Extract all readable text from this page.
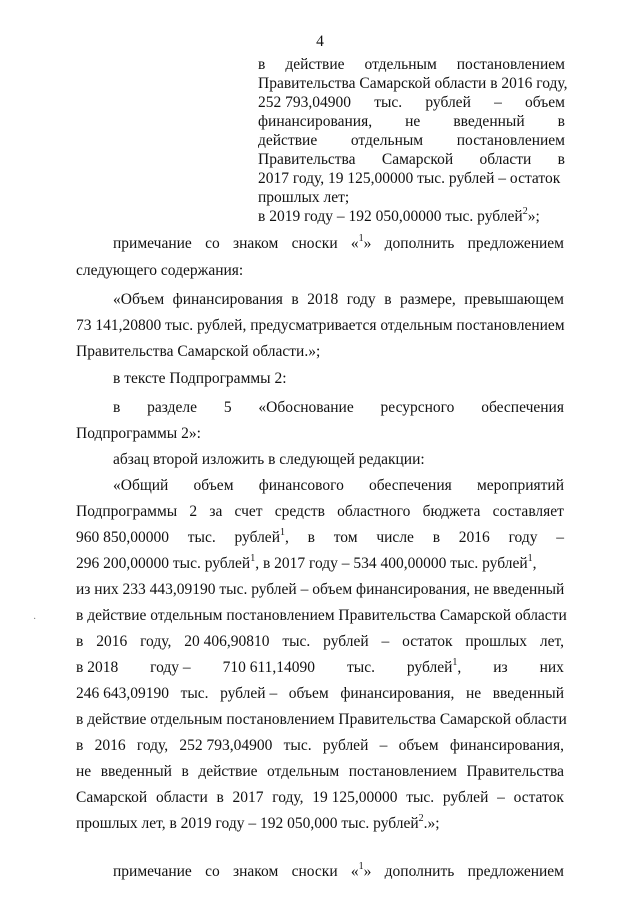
4
в действие отдельным постановлением
Правительства Самарской области в 2016 году,
252 793,04900 тыс. рублей – объем
финансирования, не введенный в
действие отдельным постановлением
Правительства Самарской области в
2017 году, 19 125,00000 тыс. рублей – остаток
прошлых лет;
в 2019 году – 192 050,00000 тыс. рублей$^2$»;
примечание со знаком сноски «$^1$» дополнить предложением
следующего содержания:
«Объем финансирования в 2018 году в размере, превышающем
73 141,20800 тыс. рублей, предусматривается отдельным постановлением
Правительства Самарской области.»;
в тексте Подпрограммы 2:
в разделе 5 «Обоснование ресурсного обеспечения
Подпрограммы 2»:
абзац второй изложить в следующей редакции:
«Общий объем финансового обеспечения мероприятий
Подпрограммы 2 за счет средств областного бюджета составляет
960 850,00000 тыс. рублей$^1$, в том числе в 2016 году –
296 200,00000 тыс. рублей$^1$, в 2017 году – 534 400,00000 тыс. рублей$^1$,
из них 233 443,09190 тыс. рублей – объем финансирования, не введенный
в действие отдельным постановлением Правительства Самарской области
в 2016 году, 20 406,90810 тыс. рублей – остаток прошлых лет,
в 2018 году – 710 611,14090 тыс. рублей$^1$, из них
246 643,09190 тыс. рублей – объем финансирования, не введенный
в действие отдельным постановлением Правительства Самарской области
в 2016 году, 252 793,04900 тыс. рублей – объем финансирования,
не введенный в действие отдельным постановлением Правительства
Самарской области в 2017 году, 19 125,00000 тыс. рублей – остаток
прошлых лет, в 2019 году – 192 050,000 тыс. рублей$^2$.»;
примечание со знаком сноски «$^1$» дополнить предложением
·
